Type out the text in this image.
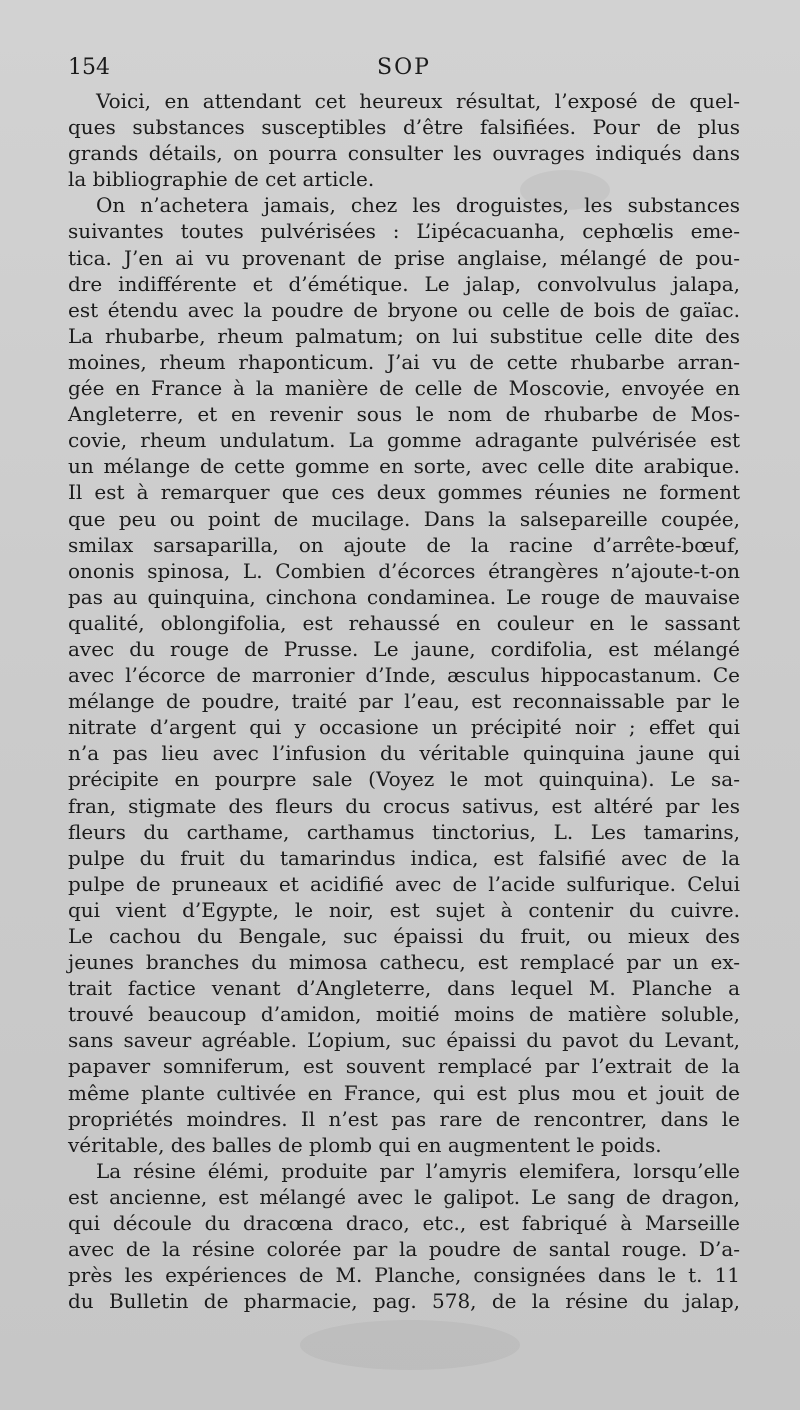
154	SOP

Voici, en attendant cet heureux résultat, l’exposé de quel-
ques substances susceptibles d’être falsifiées. Pour de plus
grands détails, on pourra consulter les ouvrages indiqués dans
la bibliographie de cet article.

On n’achetera jamais, chez les droguistes, les substances
suivantes toutes pulvérisées : L’ipécacuanha, cephœlis eme-
tica. J’en ai vu provenant de prise anglaise, mélangé de pou-
dre indifférente et d’émétique. Le jalap, convolvulus jalapa,
est étendu avec la poudre de bryone ou celle de bois de gaïac.
La rhubarbe, rheum palmatum; on lui substitue celle dite des
moines, rheum rhaponticum. J’ai vu de cette rhubarbe arran-
gée en France à la manière de celle de Moscovie, envoyée en
Angleterre, et en revenir sous le nom de rhubarbe de Mos-
covie, rheum undulatum. La gomme adragante pulvérisée est
un mélange de cette gomme en sorte, avec celle dite arabique.
Il est à remarquer que ces deux gommes réunies ne forment
que peu ou point de mucilage. Dans la salsepareille coupée,
smilax sarsaparilla, on ajoute de la racine d’arrête-bœuf,
ononis spinosa, L. Combien d’écorces étrangères n’ajoute-t-on
pas au quinquina, cinchona condaminea. Le rouge de mauvaise
qualité, oblongifolia, est rehaussé en couleur en le sassant
avec du rouge de Prusse. Le jaune, cordifolia, est mélangé
avec l’écorce de marronier d’Inde, æsculus hippocastanum. Ce
mélange de poudre, traité par l’eau, est reconnaissable par le
nitrate d’argent qui y occasione un précipité noir ; effet qui
n’a pas lieu avec l’infusion du véritable quinquina jaune qui
précipite en pourpre sale (Voyez le mot quinquina). Le sa-
fran, stigmate des fleurs du crocus sativus, est altéré par les
fleurs du carthame, carthamus tinctorius, L. Les tamarins,
pulpe du fruit du tamarindus indica, est falsifié avec de la
pulpe de pruneaux et acidifié avec de l’acide sulfurique. Celui
qui vient d’Egypte, le noir, est sujet à contenir du cuivre.
Le cachou du Bengale, suc épaissi du fruit, ou mieux des
jeunes branches du mimosa cathecu, est remplacé par un ex-
trait factice venant d’Angleterre, dans lequel M. Planche a
trouvé beaucoup d’amidon, moitié moins de matière soluble,
sans saveur agréable. L’opium, suc épaissi du pavot du Levant,
papaver somniferum, est souvent remplacé par l’extrait de la
même plante cultivée en France, qui est plus mou et jouit de
propriétés moindres. Il n’est pas rare de rencontrer, dans le
véritable, des balles de plomb qui en augmentent le poids.

La résine élémi, produite par l’amyris elemifera, lorsqu’elle
est ancienne, est mélangé avec le galipot. Le sang de dragon,
qui découle du dracœna draco, etc., est fabriqué à Marseille
avec de la résine colorée par la poudre de santal rouge. D’a-
près les expériences de M. Planche, consignées dans le t. 11
du Bulletin de pharmacie, pag. 578, de la résine du jalap,
